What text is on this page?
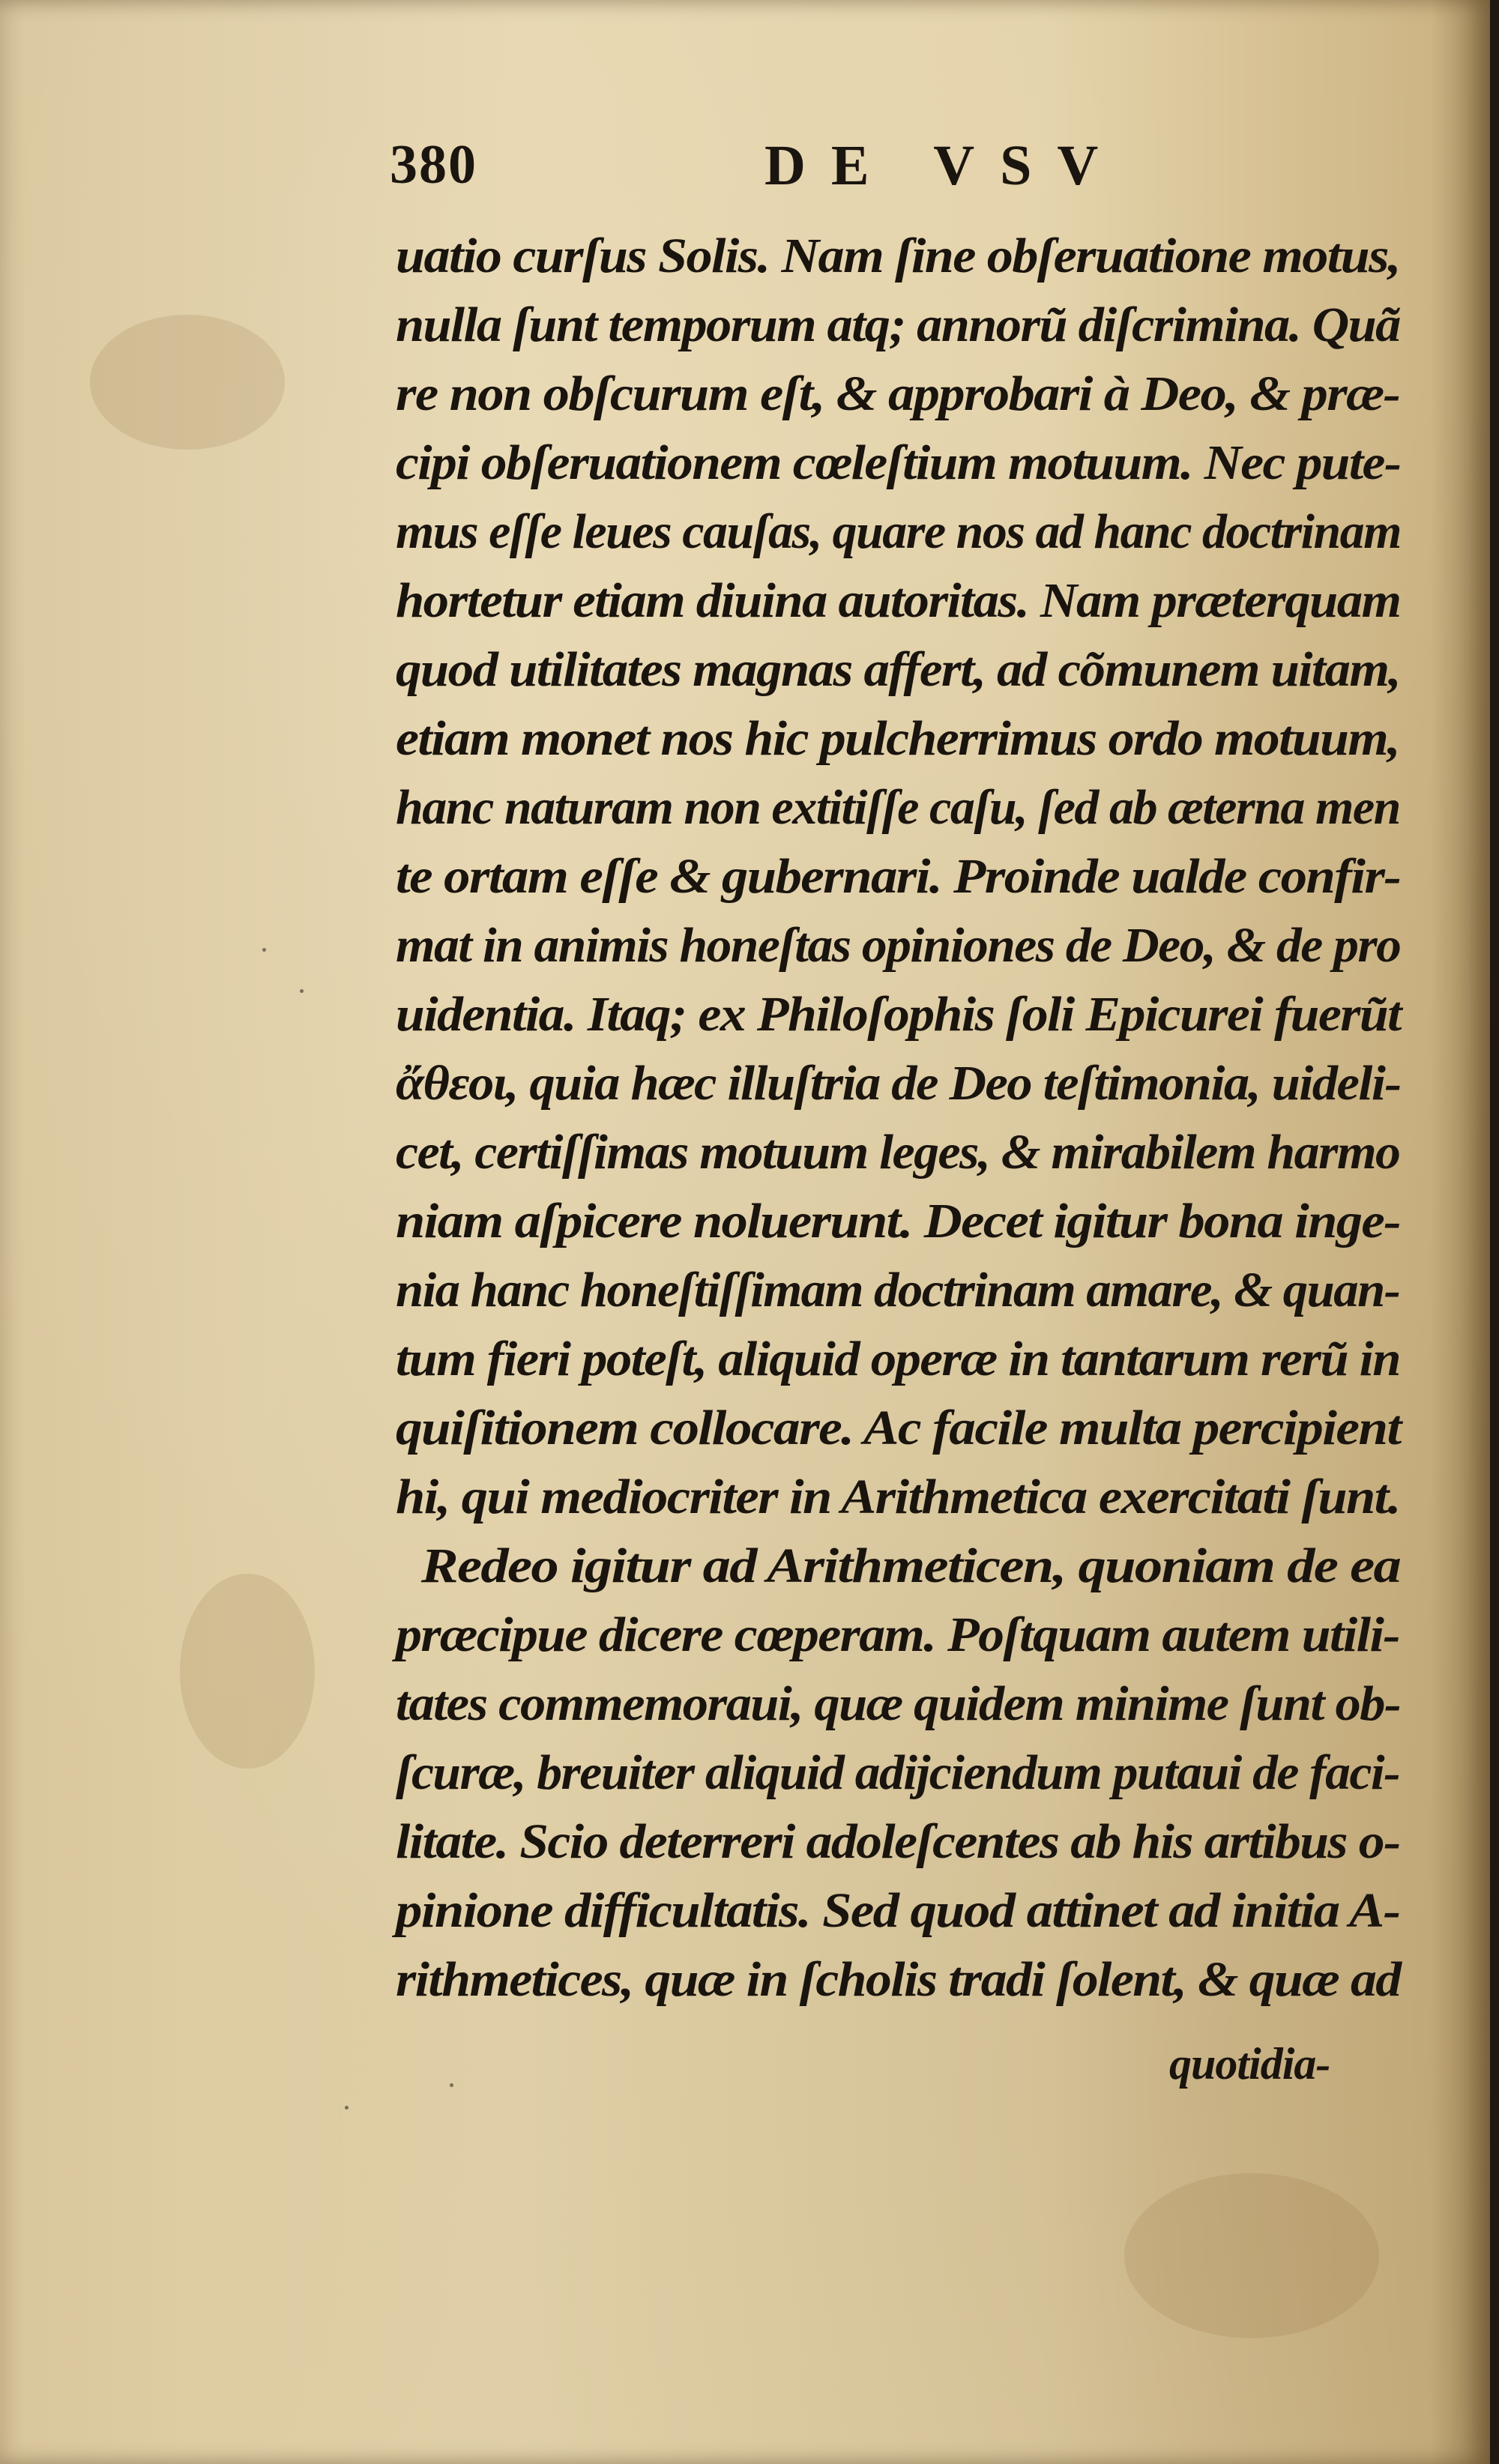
380	DE VSV
uatio curſus Solis. Nam ſine obſeruatione motus,
nulla ſunt temporum atq; annorũ diſcrimina. Quã
re non obſcurum eſt, & approbari à Deo, & præ-
cipi obſeruationem cœleſtium motuum. Nec pute-
mus eſſe leues cauſas, quare nos ad hanc doctrinam
hortetur etiam diuina autoritas. Nam præterquam
quod utilitates magnas affert, ad cõmunem uitam,
etiam monet nos hic pulcherrimus ordo motuum,
hanc naturam non extitiſſe caſu, ſed ab æterna men
te ortam eſſe & gubernari. Proinde ualde confir-
mat in animis honeſtas opiniones de Deo, & de pro
uidentia. Itaq; ex Philoſophis ſoli Epicurei fuerũt
ἄθεοι, quia hæc illuſtria de Deo teſtimonia, uideli-
cet, certiſſimas motuum leges, & mirabilem harmo
niam aſpicere noluerunt. Decet igitur bona inge-
nia hanc honeſtiſſimam doctrinam amare, & quan-
tum fieri poteſt, aliquid operæ in tantarum rerũ in
quiſitionem collocare. Ac facile multa percipient
hi, qui mediocriter in Arithmetica exercitati ſunt.
Redeo igitur ad Arithmeticen, quoniam de ea
præcipue dicere cœperam. Poſtquam autem utili-
tates commemoraui, quæ quidem minime ſunt ob-
ſcuræ, breuiter aliquid adijciendum putaui de faci-
litate. Scio deterreri adoleſcentes ab his artibus o-
pinione difficultatis. Sed quod attinet ad initia A-
rithmetices, quæ in ſcholis tradi ſolent, & quæ ad
quotidia-
